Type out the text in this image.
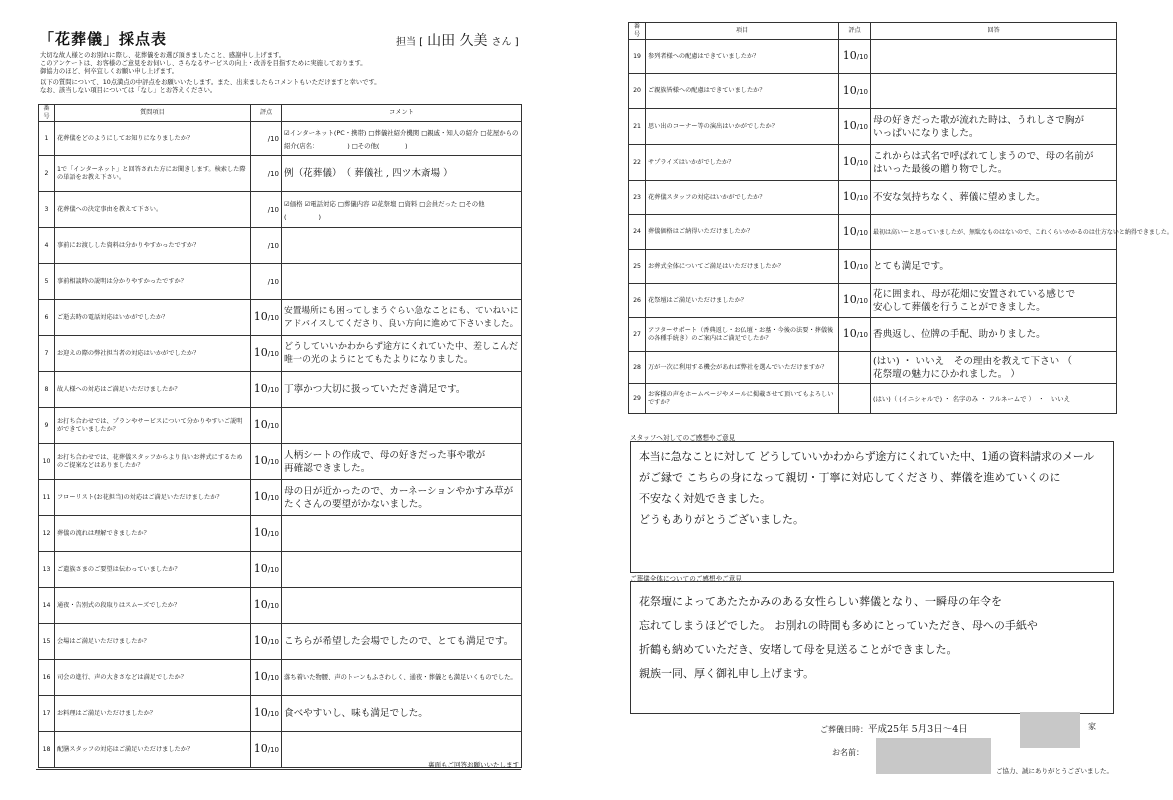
「花葬儀」採点表	担当 [ 山田 久美 さん ]
大切な故人様とのお別れに際し、花葬儀をお選び頂きましたこと、感謝申し上げます。
このアンケートは、お客様のご意見をお伺いし、さらなるサービスの向上・改善を目指すために実施しております。
御協力のほど、何卒宜しくお願い申し上げます。
以下の質問について、10点満点の中評点をお願いいたします。また、出来ましたらコメントもいただけますと幸いです。
なお、該当しない項目については「なし」とお答えください。
番号	質問項目	評点	コメント
1	花葬儀をどのようにしてお知りになりましたか？	/10	☑インターネット(PC・携帯) □葬儀社紹介機関 □親戚・知人の紹介 □花屋からの紹介(店名：　　　　　) □その他(　　　　)
2	1で「インターネット」と回答された方にお聞きします。検索した際の単語をお教え下さい。	/10	例（花葬儀）　（ 葬儀社 , 四ツ木斎場 ）
3	花葬儀への決定事由を教えて下さい。	/10	☑価格 ☑電話対応 □葬儀内容 ☑花祭壇 □資料 □会員だった □その他(　　　　　)
4	事前にお渡しした資料は分かりやすかったですか？	/10	
5	事前相談時の説明は分かりやすかったですか？	/10	
6	ご逝去時の電話対応はいかがでしたか？	10/10	安置場所にも困ってしまうぐらい急なことにも、ていねいに
アドバイスしてくださり、良い方向に進めて下さいました。
7	お迎えの際の弊社担当者の対応はいかがでしたか？	10/10	どうしていいかわからず途方にくれていた中、差しこんだ
唯一の光のようにとてもたよりになりました。
8	故人様への対応はご満足いただけましたか？	10/10	丁寧かつ大切に扱っていただき満足です。
9	お打ち合わせでは、プランやサービスについて分かりやすいご説明ができていましたか？	10/10	
10	お打ち合わせでは、花葬儀スタッフからより良いお葬式にするためのご提案などはありましたか？	10/10	人柄シートの作成で、母の好きだった事や歌が
再確認できました。
11	フローリスト(お花担当)の対応はご満足いただけましたか？	10/10	母の日が近かったので、カーネーションやかすみ草が
たくさんの要望がかないました。
12	葬儀の流れは理解できましたか？	10/10	
13	ご遺族さまのご要望は伝わっていましたか？	10/10	
14	通夜・告別式の段取りはスムーズでしたか？	10/10	
15	会場はご満足いただけましたか？	10/10	こちらが希望した会場でしたので、とても満足です。
16	司会の進行、声の大きさなどは満足でしたか？	10/10	落ち着いた物腰、声のトーンもふさわしく、通夜・葬儀とも満足いくものでした。
17	お料理はご満足いただけましたか？	10/10	食べやすいし、味も満足でした。
18	配膳スタッフの対応はご満足いただけましたか？	10/10	
裏面もご回答お願いいたします
番号	項目	評点	回答
19	参列者様への配慮はできていましたか？	10/10	
20	ご親族皆様への配慮はできていましたか？	10/10	
21	思い出のコーナー等の演出はいかがでしたか？	10/10	母の好きだった歌が流れた時は、うれしさで胸が
いっぱいになりました。
22	サプライズはいかがでしたか？	10/10	これからは式名で呼ばれてしまうので、母の名前が
はいった最後の贈り物でした。
23	花葬儀スタッフの対応はいかがでしたか？	10/10	不安な気持ちなく、葬儀に望めました。
24	葬儀価格はご納得いただけましたか？	10/10	最初は高いーと思っていましたが、無駄なものはないので、これくらいかかるのは仕方ないと納得できました。
25	お葬式全体についてご満足はいただけましたか？	10/10	とても満足です。
26	花祭壇はご満足いただけましたか？	10/10	花に囲まれ、母が花畑に安置されている感じで
安心して葬儀を行うことができました。
27	アフターサポート（香典返し・お仏壇・お墓・今後の法要・葬儀後の各種手続き）のご案内はご満足でしたか？	10/10	香典返し、位牌の手配、助かりました。
28	万が一次に利用する機会があれば弊社を選んでいただけますか？		(はい) ・ いいえ　その理由を教えて下さい （
花祭壇の魅力にひかれました。 ）
29	お客様の声をホームページやメールに掲載させて頂いてもよろしいですか？		(はい)（ (イニシャルで) ・ 名字のみ ・ フルネームで ）　・　いいえ
スタッフへ対してのご感想やご意見

本当に急なことに対して どうしていいかわからず途方にくれていた中、1通の資料請求のメール

がご縁で こちらの身になって親切・丁寧に対応してくださり、葬儀を進めていくのに

不安なく対処できました。

どうもありがとうございました。

ご葬儀全体についてのご感想やご意見

花祭壇によってあたたかみのある女性らしい葬儀となり、一瞬母の年令を

忘れてしまうほどでした。 お別れの時間も多めにとっていただき、母への手紙や

折鶴も納めていただき、安堵して母を見送ることができました。

親族一同、厚く御礼申し上げます。

ご葬儀日時：平成25年 5月3日～4日	家
お名前：
ご協力、誠にありがとうございました。
